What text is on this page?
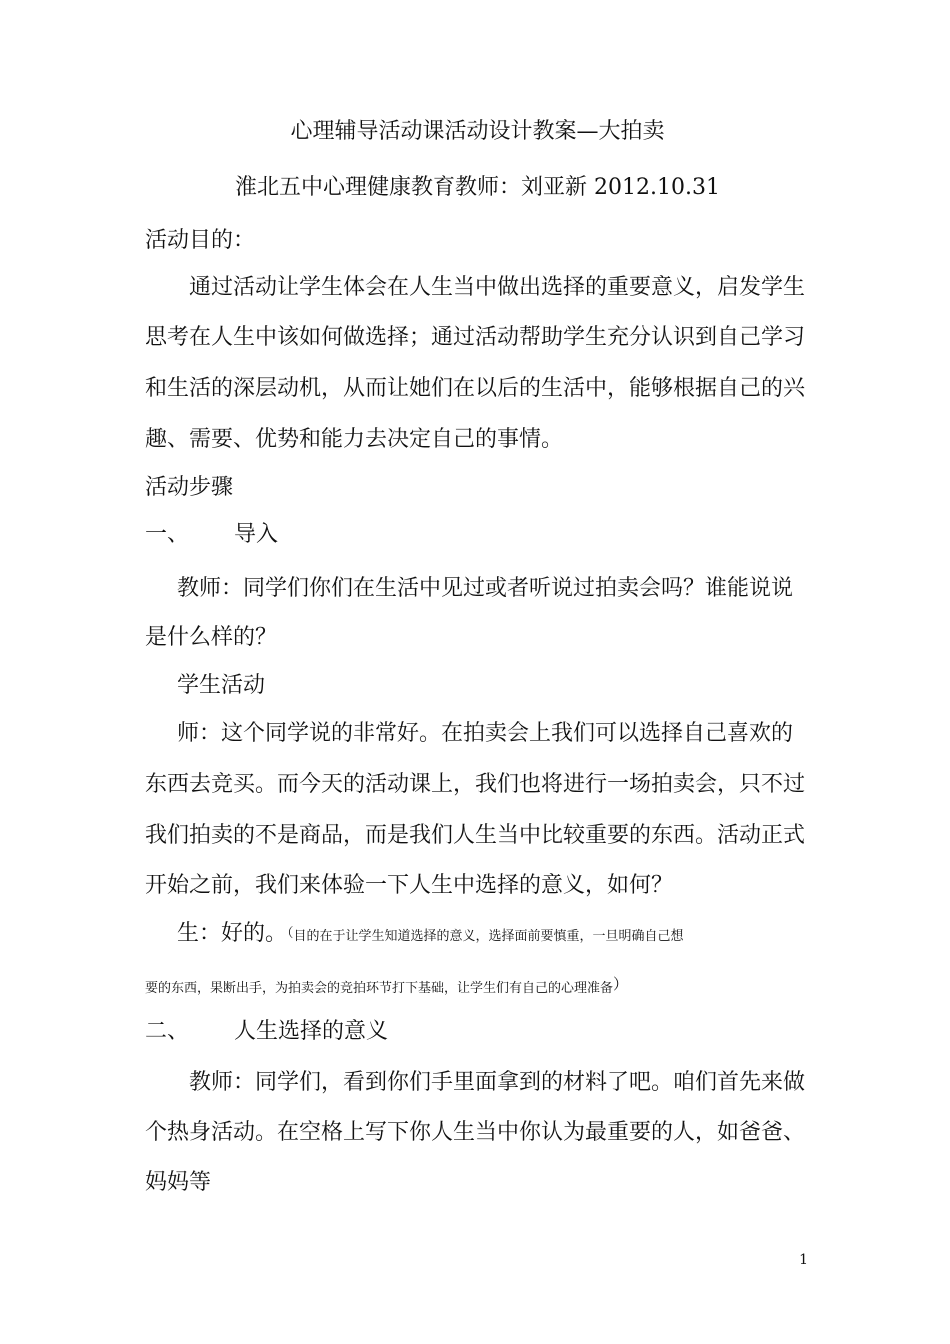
心理辅导活动课活动设计教案—大拍卖
淮北五中心理健康教育教师：刘亚新 2012.10.31
活动目的：
通过活动让学生体会在人生当中做出选择的重要意义，启发学生
思考在人生中该如何做选择；通过活动帮助学生充分认识到自己学习
和生活的深层动机，从而让她们在以后的生活中，能够根据自己的兴
趣、需要、优势和能力去决定自己的事情。
活动步骤
一、 导入
教师：同学们你们在生活中见过或者听说过拍卖会吗？谁能说说
是什么样的？
学生活动
师：这个同学说的非常好。在拍卖会上我们可以选择自己喜欢的
东西去竞买。而今天的活动课上，我们也将进行一场拍卖会，只不过
我们拍卖的不是商品，而是我们人生当中比较重要的东西。活动正式
开始之前，我们来体验一下人生中选择的意义，如何？
生：好的。（目的在于让学生知道选择的意义，选择面前要慎重，一旦明确自己想
要的东西，果断出手，为拍卖会的竞拍环节打下基础，让学生们有自己的心理准备）
二、 人生选择的意义
教师：同学们，看到你们手里面拿到的材料了吧。咱们首先来做
个热身活动。在空格上写下你人生当中你认为最重要的人，如爸爸、
妈妈等
1
